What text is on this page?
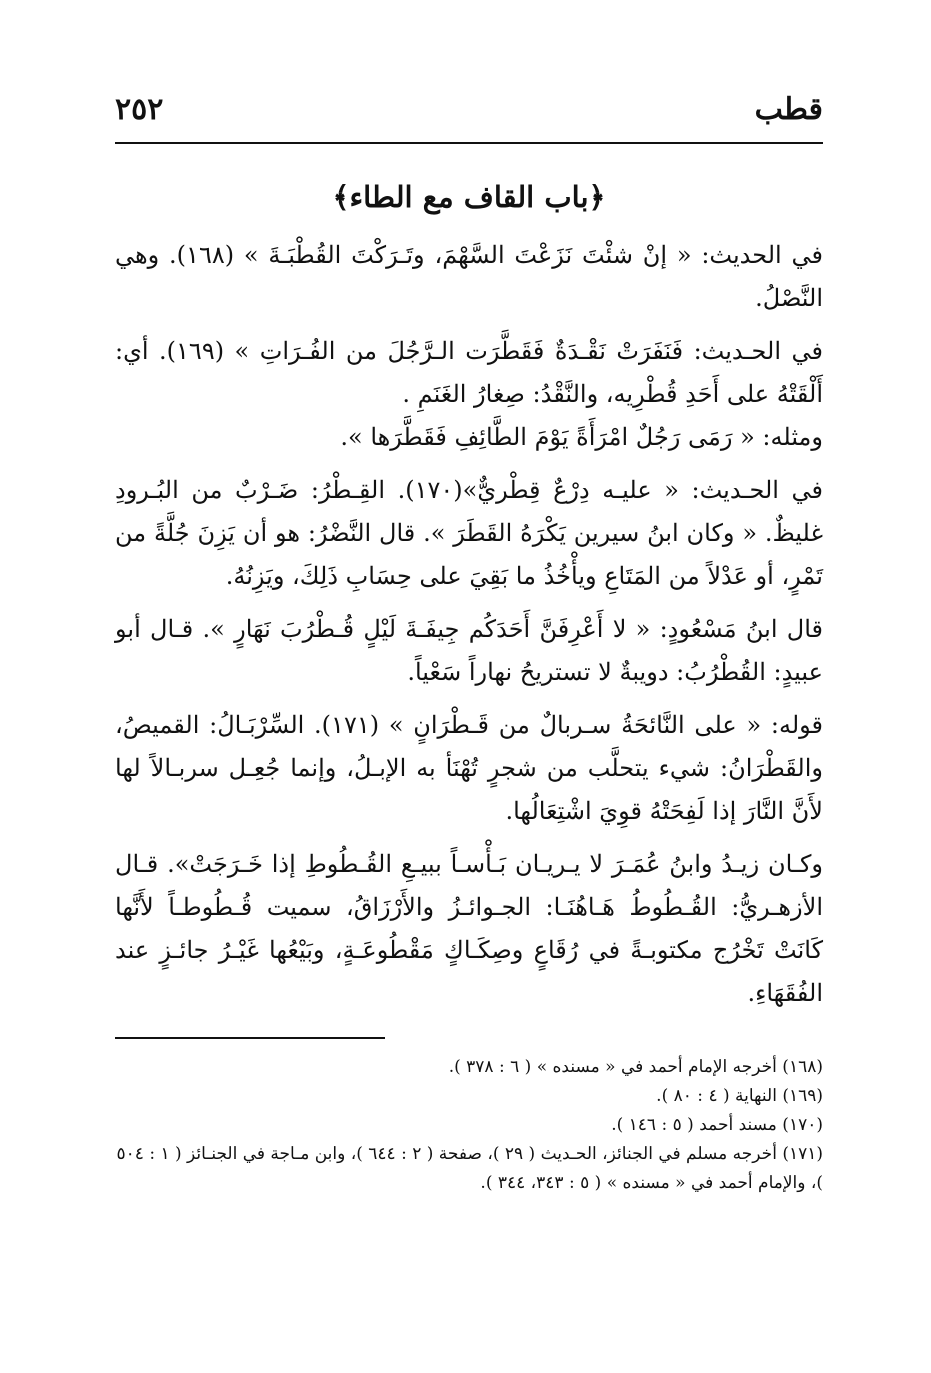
قطب
٢٥٢
﴿باب القاف مع الطاء﴾

في الحديث: « إنْ شئْتَ نَزَعْتَ السَّهْمَ، وتَـرَكْتَ القُطْبَـةَ » (١٦٨). وهي النَّصْلُ.

في الحـديث: فَنَفَرَتْ نَقْـدَةٌ فَقَطَّرَت الـرَّجُلَ من الفُـرَاتِ » (١٦٩). أي: أَلْقَتْهُ على أَحَدِ قُطْرِيه، والنَّقْدُ: صِغارُ الغَنَمِ .

ومثله: « رَمَى رَجُلٌ امْرَأَةً يَوْمَ الطَّائِفِ فَقَطَّرَها ».

في الحـديث: « عليـه دِرْعٌ قِطْريٌّ»(١٧٠). القِـطْرُ: ضَـرْبٌ من البُـرودِ غليظٌ. « وكان ابنُ سيرين يَكْرَهُ القَطَرَ ». قال النَّضْرُ: هو أن يَزِنَ جُلَّةً من تَمْرٍ، أو عَدْلاً من المَتَاعِ ويأْخُذُ ما بَقِيَ على حِسَابِ ذَلِكَ، ويَزِنُهُ.

قال ابنُ مَسْعُودٍ: « لا أَعْرِفَنَّ أَحَدَكُم جِيفَـةَ لَيْلٍ قُـطْرُبَ نَهَارٍ ». قـال أبو عبيدٍ: القُطْرُبُ: دويبةٌ لا تستريحُ نهاراً سَعْياً.

قوله: « على النَّائحَةُ سـربالٌ من قَـطْرَانٍ » (١٧١). السِّرْبَـالُ: القميصُ، والقَطْرَانُ: شيء يتحلَّب من شجرٍ تُهْنَأ به الإبـلُ، وإنما جُعِـل سربـالاً لها لأَنَّ النَّارَ إذا لَفِحَتْهُ قوِيَ اشْتِعَالُها.

وكـان زيـدُ وابنُ عُمَـرَ لا يـريـان بَـأْسـاً ببيـعِ القُـطُوطِ إذا خَـرَجَتْ». قـال الأزهـريُّ: القُـطُوطُ هَـاهُنَـا: الجـوائـزُ والأَرْزَاقُ، سميت قُـطُوطـاً لأَنَّها كَانَتْ تَخْرُج مكتوبـةً في رُقَاعٍ وصِكَـاكٍ مَقْطُوعَـةٍ، وبَيْعُها غَيْـرُ جائـزٍ عند الفُقَهَاءِ.

(١٦٨) أخرجه الإمام أحمد في « مسنده » ( ٦ : ٣٧٨ ).
(١٦٩) النهاية ( ٤ : ٨٠ ).
(١٧٠) مسند أحمد ( ٥ : ١٤٦ ).
(١٧١) أخرجه مسلم في الجنائز، الحـديث ( ٢٩ )، صفحة ( ٢ : ٦٤٤ )، وابن مـاجة في الجنـائز ( ١ : ٥٠٤ )، والإمام أحمد في « مسنده » ( ٥ : ٣٤٣، ٣٤٤ ).
